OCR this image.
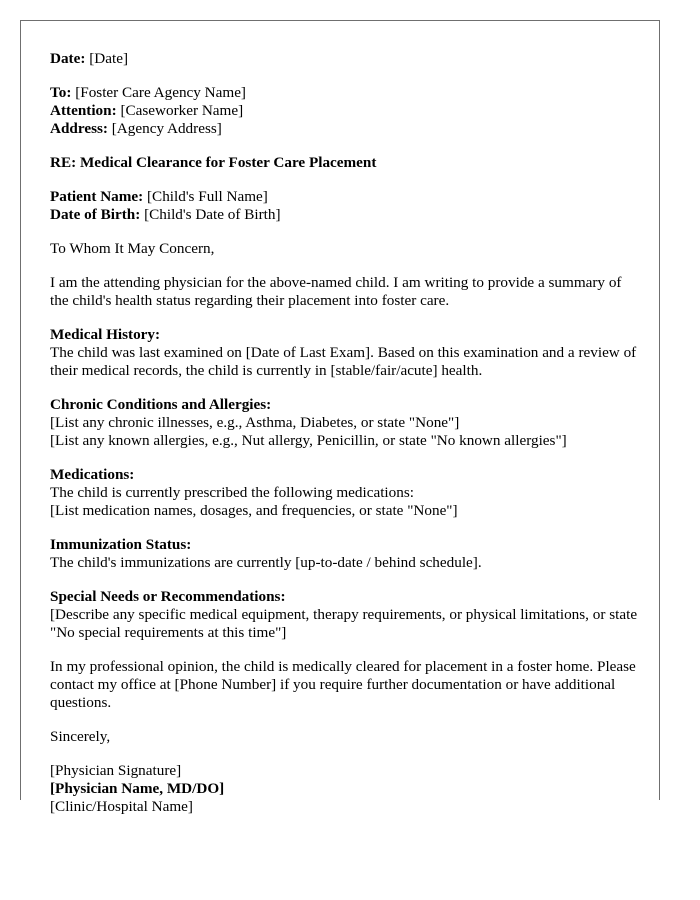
Date: [Date]
To: [Foster Care Agency Name]
Attention: [Caseworker Name]
Address: [Agency Address]
RE: Medical Clearance for Foster Care Placement
Patient Name: [Child's Full Name]
Date of Birth: [Child's Date of Birth]
To Whom It May Concern,
I am the attending physician for the above-named child. I am writing to provide a summary of the child's health status regarding their placement into foster care.
Medical History:
The child was last examined on [Date of Last Exam]. Based on this examination and a review of their medical records, the child is currently in [stable/fair/acute] health.
Chronic Conditions and Allergies:
[List any chronic illnesses, e.g., Asthma, Diabetes, or state "None"]
[List any known allergies, e.g., Nut allergy, Penicillin, or state "No known allergies"]
Medications:
The child is currently prescribed the following medications:
[List medication names, dosages, and frequencies, or state "None"]
Immunization Status:
The child's immunizations are currently [up-to-date / behind schedule].
Special Needs or Recommendations:
[Describe any specific medical equipment, therapy requirements, or physical limitations, or state "No special requirements at this time"]
In my professional opinion, the child is medically cleared for placement in a foster home. Please contact my office at [Phone Number] if you require further documentation or have additional questions.
Sincerely,
[Physician Signature]
[Physician Name, MD/DO]
[Clinic/Hospital Name]
